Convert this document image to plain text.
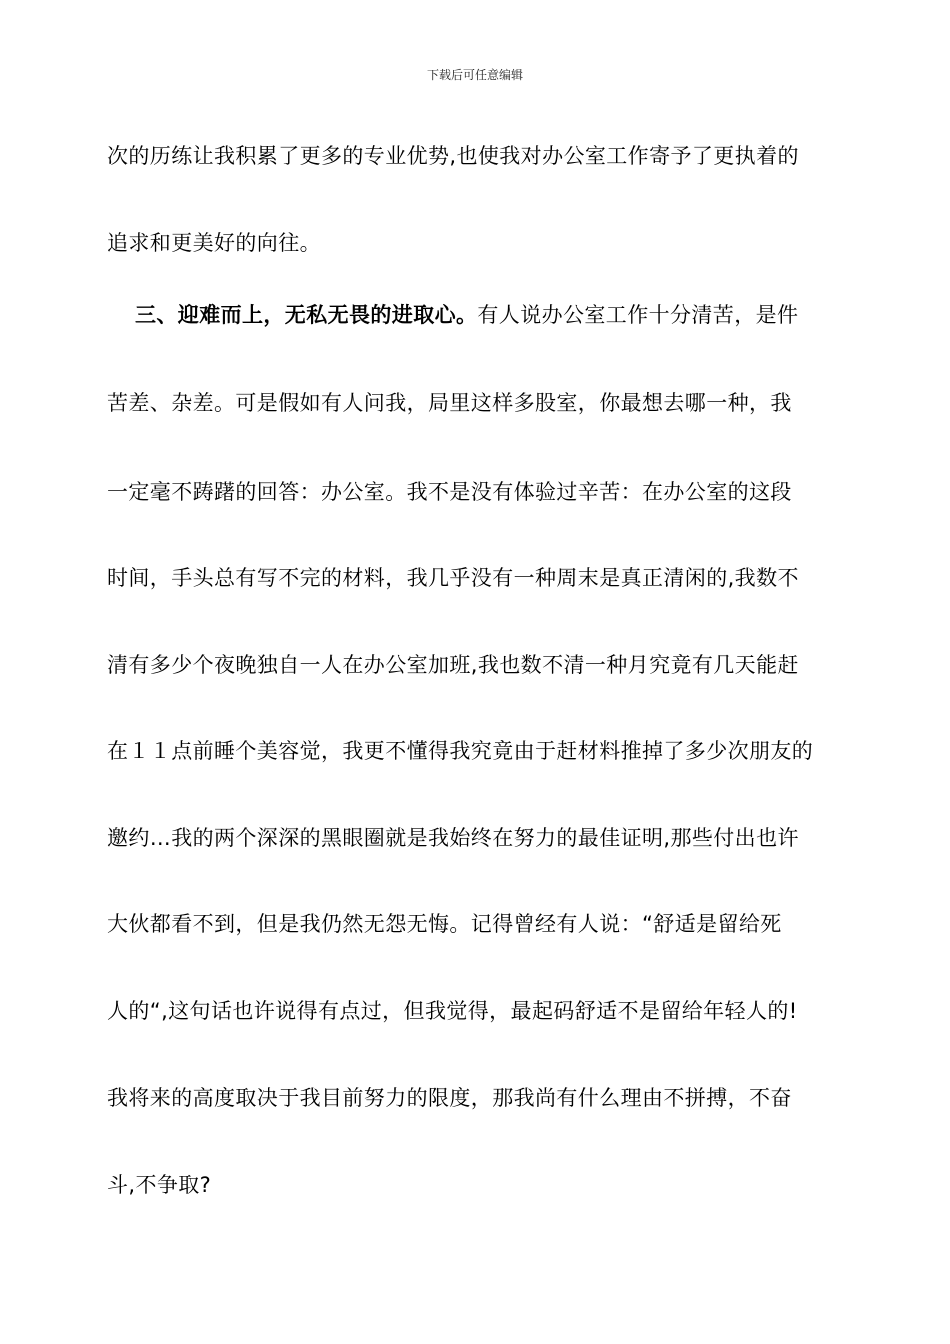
下载后可任意编辑
次的历练让我积累了更多的专业优势,也使我对办公室工作寄予了更执着的
追求和更美好的向往。
三、迎难而上，无私无畏的进取心。有人说办公室工作十分清苦，是件
苦差、杂差。可是假如有人问我，局里这样多股室，你最想去哪一种，我
一定毫不踌躇的回答：办公室。我不是没有体验过辛苦：在办公室的这段
时间，手头总有写不完的材料，我几乎没有一种周末是真正清闲的,我数不
清有多少个夜晚独自一人在办公室加班,我也数不清一种月究竟有几天能赶
在１１点前睡个美容觉，我更不懂得我究竟由于赶材料推掉了多少次朋友的
邀约…我的两个深深的黑眼圈就是我始终在努力的最佳证明,那些付出也许
大伙都看不到，但是我仍然无怨无悔。记得曾经有人说：“舒适是留给死
人的“,这句话也许说得有点过，但我觉得，最起码舒适不是留给年轻人的!
我将来的高度取决于我目前努力的限度，那我尚有什么理由不拼搏，不奋
斗,不争取?
